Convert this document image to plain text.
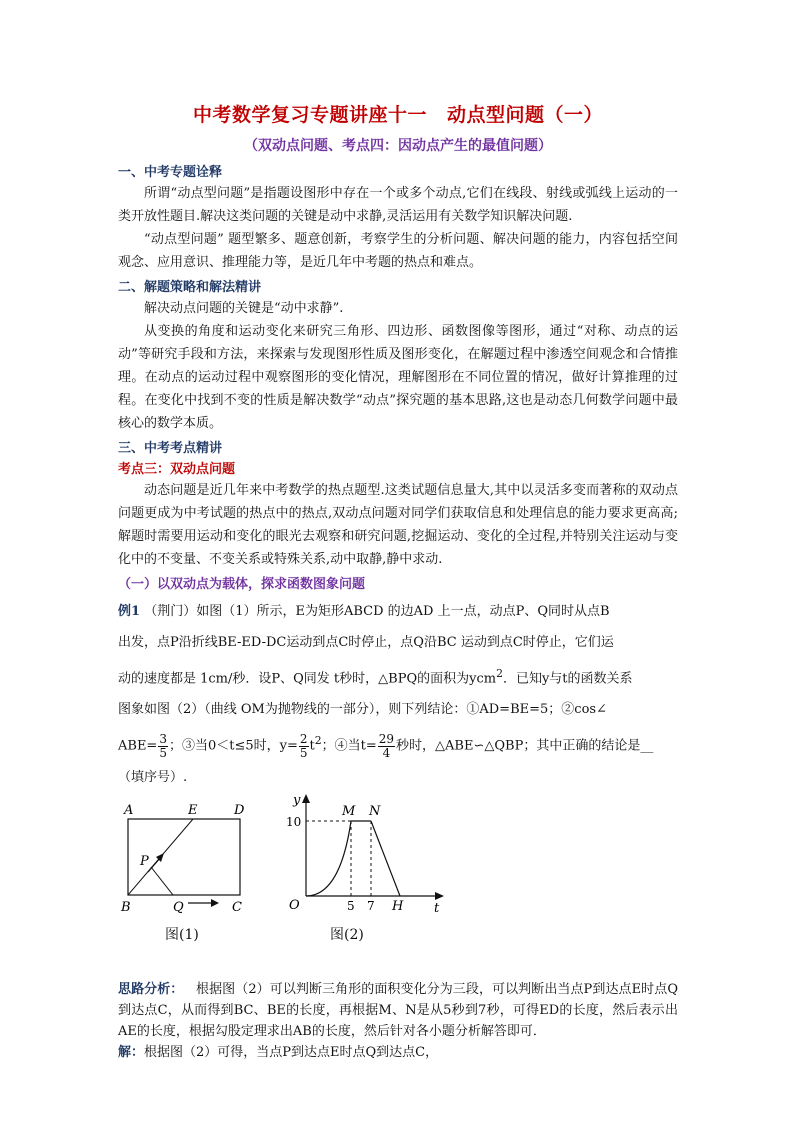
中考数学复习专题讲座十一 动点型问题（一）
（双动点问题、考点四：因动点产生的最值问题）
一、中考专题诠释

所谓“动点型问题”是指题设图形中存在一个或多个动点,它们在线段、射线或弧线上运动的一类开放性题目.解决这类问题的关键是动中求静,灵活运用有关数学知识解决问题.

“动点型问题” 题型繁多、题意创新，考察学生的分析问题、解决问题的能力，内容包括空间观念、应用意识、推理能力等，是近几年中考题的热点和难点。

二、解题策略和解法精讲

解决动点问题的关键是“动中求静”.

从变换的角度和运动变化来研究三角形、四边形、函数图像等图形，通过“对称、动点的运动”等研究手段和方法，来探索与发现图形性质及图形变化，在解题过程中渗透空间观念和合情推理。在动点的运动过程中观察图形的变化情况，理解图形在不同位置的情况，做好计算推理的过程。在变化中找到不变的性质是解决数学“动点”探究题的基本思路,这也是动态几何数学问题中最核心的数学本质。

三、中考考点精讲
考点三：双动点问题

动态问题是近几年来中考数学的热点题型.这类试题信息量大,其中以灵活多变而著称的双动点问题更成为中考试题的热点中的热点,双动点问题对同学们获取信息和处理信息的能力要求更高高;解题时需要用运动和变化的眼光去观察和研究问题,挖掘运动、变化的全过程,并特别关注运动与变化中的不变量、不变关系或特殊关系,动中取静,静中求动.

（一）以双动点为载体，探求函数图象问题

例1 （荆门）如图（1）所示，E为矩形ABCD 的边AD 上一点，动点P、Q同时从点B

出发，点P沿折线BE-ED-DC运动到点C时停止，点Q沿BC 运动到点C时停止，它们运

动的速度都是 1cm/秒．设P、Q同发 t秒时，△BPQ的面积为ycm$^2$．已知y与t的函数关系

图象如图（2）（曲线 OM为抛物线的一部分），则下列结论：①AD=BE=5；②cos∠

$ABE= \frac{3}{5}$ ；③当0＜t≤5时，$y= \frac{2}{5} t^2$；④当$t= \frac{29}{4}$ 秒时，△ABE∽△QBP；其中正确的结论是__

（填序号）.

A	E	D
P
B	Q	C
图(1)
y
10
M N
O	5 7 H t
图(2)

思路分析： 根据图（2）可以判断三角形的面积变化分为三段，可以判断出当点P到达点E时点Q到达点C，从而得到BC、BE的长度，再根据M、N是从5秒到7秒，可得ED的长度，然后表示出AE的长度，根据勾股定理求出AB的长度，然后针对各小题分析解答即可．

解：根据图（2）可得，当点P到达点E时点Q到达点C，
